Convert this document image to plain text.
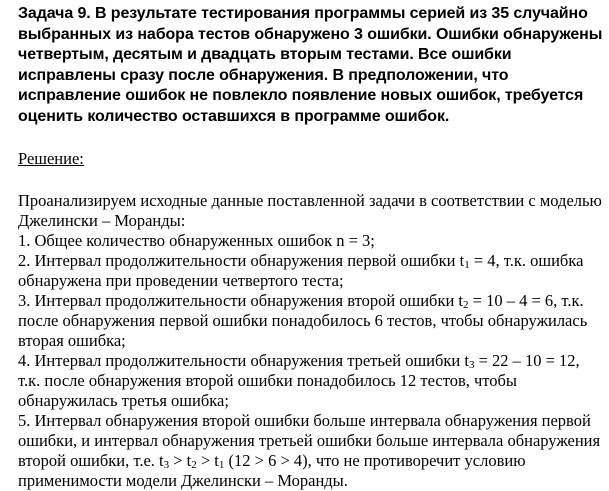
Задача 9. В результате тестирования программы серией из 35 случайно выбранных из набора тестов обнаружено 3 ошибки. Ошибки обнаружены четвертым, десятым и двадцать вторым тестами. Все ошибки исправлены сразу после обнаружения. В предположении, что исправление ошибок не повлекло появление новых ошибок, требуется оценить количество оставшихся в программе ошибок.

Решение:

Проанализируем исходные данные поставленной задачи в соответствии с моделью Джелински – Моранды:

1. Общее количество обнаруженных ошибок n = 3;

2. Интервал продолжительности обнаружения первой ошибки $t_1 = 4$, т.к. ошибка обнаружена при проведении четвертого теста;

3. Интервал продолжительности обнаружения второй ошибки $t_2 = 10 - 4 = 6$, т.к. после обнаружения первой ошибки понадобилось 6 тестов, чтобы обнаружилась вторая ошибка;

4. Интервал продолжительности обнаружения третьей ошибки $t_3 = 22 - 10 = 12$, т.к. после обнаружения второй ошибки понадобилось 12 тестов, чтобы обнаружилась третья ошибка;

5. Интервал обнаружения второй ошибки больше интервала обнаружения первой ошибки, и интервал обнаружения третьей ошибки больше интервала обнаружения второй ошибки, т.е. $t_3 > t_2 > t_1$ (12 > 6 > 4), что не противоречит условию применимости модели Джелински – Моранды.
